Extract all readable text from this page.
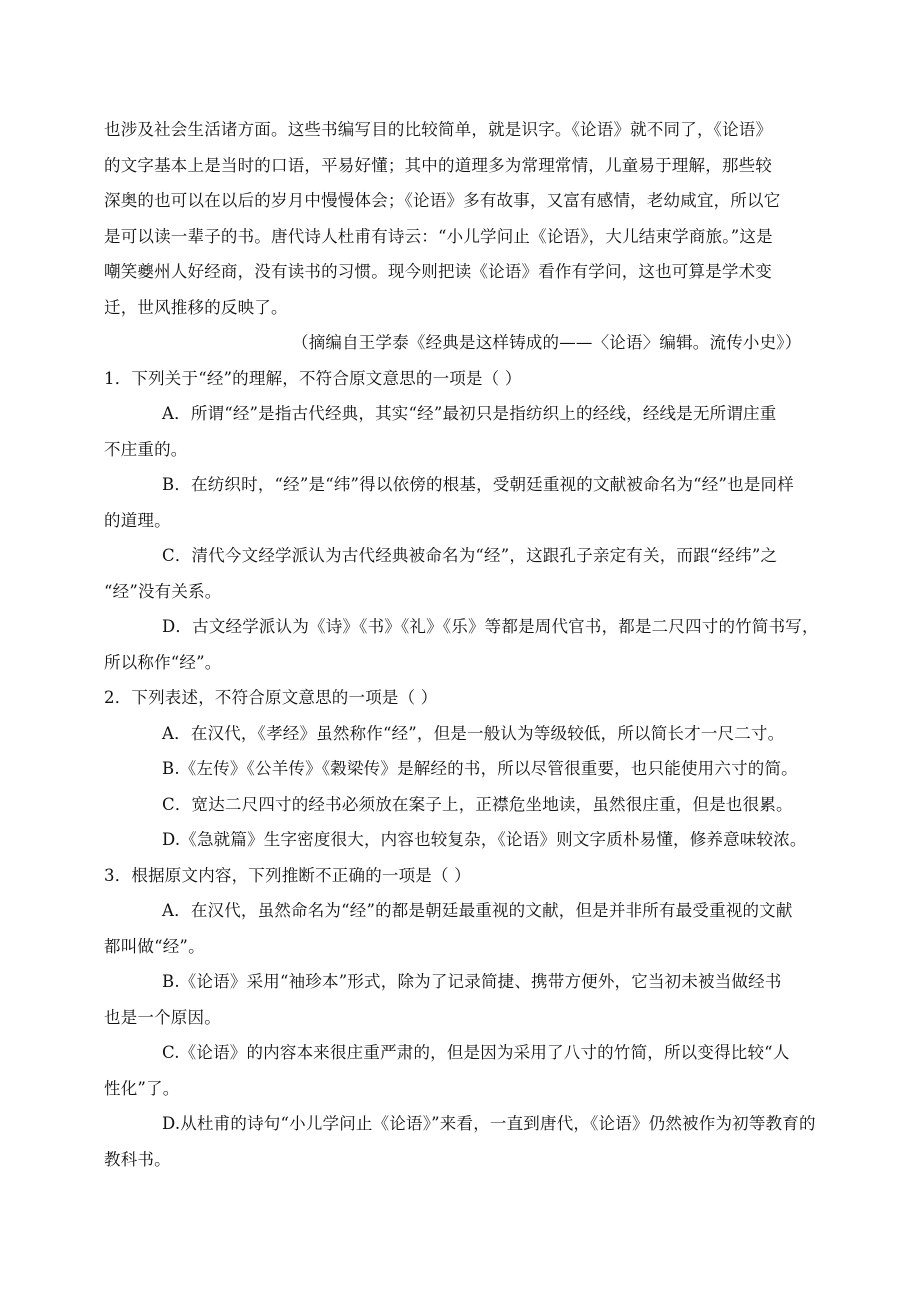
也涉及社会生活诸方面。这些书编写目的比较简单，就是识字。《论语》就不同了，《论语》
的文字基本上是当时的口语，平易好懂；其中的道理多为常理常情，儿童易于理解，那些较
深奥的也可以在以后的岁月中慢慢体会；《论语》多有故事，又富有感情，老幼咸宜，所以它
是可以读一辈子的书。唐代诗人杜甫有诗云：“小儿学问止《论语》，大儿结束学商旅。”这是
嘲笑夔州人好经商，没有读书的习惯。现今则把读《论语》看作有学问，这也可算是学术变
迁，世风推移的反映了。
（摘编自王学泰《经典是这样铸成的——〈论语〉编辑。流传小史》）
1．下列关于“经”的理解，不符合原文意思的一项是（ ）
A．所谓“经”是指古代经典，其实“经”最初只是指纺织上的经线，经线是无所谓庄重
不庄重的。
B．在纺织时，“经”是“纬”得以依傍的根基，受朝廷重视的文献被命名为“经”也是同样
的道理。
C．清代今文经学派认为古代经典被命名为“经”，这跟孔子亲定有关，而跟“经纬”之
“经”没有关系。
D．古文经学派认为《诗》《书》《礼》《乐》等都是周代官书，都是二尺四寸的竹简书写，
所以称作“经”。
2．下列表述，不符合原文意思的一项是（ ）
A．在汉代，《孝经》虽然称作“经”，但是一般认为等级较低，所以简长才一尺二寸。
B.《左传》《公羊传》《穀梁传》是解经的书，所以尽管很重要，也只能使用六寸的简。
C．宽达二尺四寸的经书必须放在案子上，正襟危坐地读，虽然很庄重，但是也很累。
D.《急就篇》生字密度很大，内容也较复杂，《论语》则文字质朴易懂，修养意味较浓。
3．根据原文内容，下列推断不正确的一项是（ ）
A．在汉代，虽然命名为“经”的都是朝廷最重视的文献，但是并非所有最受重视的文献
都叫做“经”。
B.《论语》采用“袖珍本”形式，除为了记录简捷、携带方便外，它当初未被当做经书
也是一个原因。
C.《论语》的内容本来很庄重严肃的，但是因为采用了八寸的竹简，所以变得比较“人
性化”了。
D.从杜甫的诗句“小儿学问止《论语》”来看，一直到唐代，《论语》仍然被作为初等教育的
教科书。
